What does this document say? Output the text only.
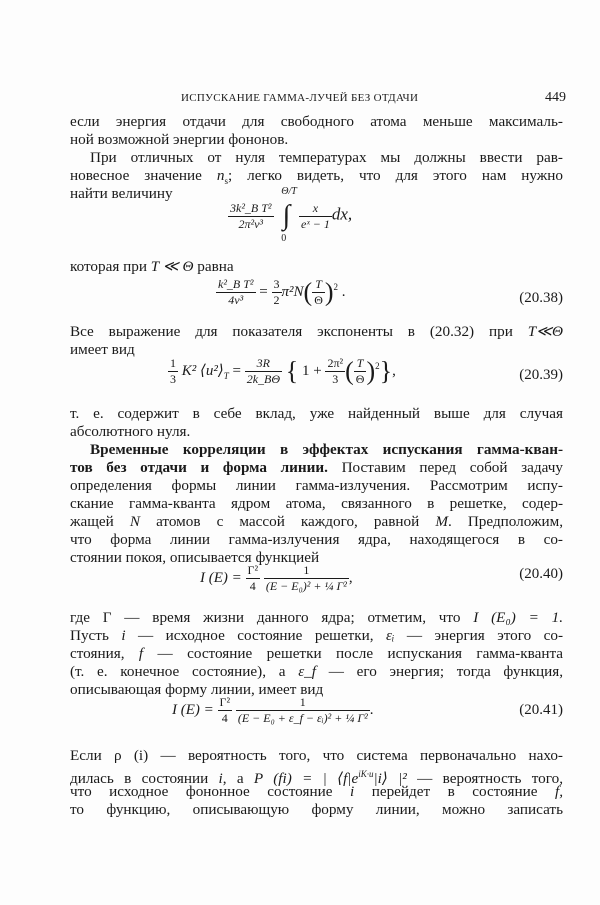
ИСПУСКАНИЕ ГАММА-ЛУЧЕЙ БЕЗ ОТДАЧИ	449
если энергия отдачи для свободного атома меньше максималь-
ной возможной энергии фононов.
При отличных от нуля температурах мы должны ввести рав-
новесное значение $n_s$; легко видеть, что для этого нам нужно
найти величину
$\frac{\text{3k²\_B T²}}{\text{2π²v³}}$ ∫
Θ/T
0

$\frac{x}{\text{eˣ − 1}}$ dx,
которая при T ≪ Θ равна
$\frac{\text{k²\_B T²}}{\text{4v³}} = \frac{3}{2} \pi^2N( \frac{T}{\Theta} )^2$ .	(20.38)
Все выражение для показателя экспоненты в (20.32) при T≪Θ
имеет вид
$\frac{1}{3} K^2$ $⟨u^2⟩_T = \frac{3R}{2k\_B\Theta}$ { $1 + \frac{\text{2π²}}{3}$ ( $\frac{T}{\Theta} )^2$},	(20.39)
т. е. содержит в себе вклад, уже найденный выше для случая
абсолютного нуля.
Временные корреляции в эффектах испускания гамма-кван-
тов без отдачи и форма линии. Поставим перед собой задачу
определения формы линии гамма-излучения. Рассмотрим испу-
скание гамма-кванта ядром атома, связанного в решетке, содер-
жащей N атомов с массой каждого, равной M. Предположим,
что форма линии гамма-излучения ядра, находящегося в со-
стоянии покоя, описывается функцией
I $(E) = \frac{\text{Γ²}}{4}$
$\frac{1}{\text{(E − E₀)² + ¼ Γ²}}$ ,	(20.40)
где Γ — время жизни данного ядра; отметим, что I (E₀) = 1.
Пусть i — исходное состояние решетки, εᵢ — энергия этого со-
стояния, f — состояние решетки после испускания гамма-кванта
(т. е. конечное состояние), а ε_f — его энергия; тогда функция,
описывающая форму линии, имеет вид
I $(E) = \frac{\text{Γ²}}{4}$
$\frac{1}{\text{(E − E₀ + ε\_f − εᵢ)² + ¼ Γ²}}$ .	(20.41)
Если ρ (i) — вероятность того, что система первоначально нахо-
дилась в состоянии i, а P (fi) = | $⟨f|e^{iK\cdot u}|i⟩$ |² — вероятность того,
что исходное фононное состояние i перейдет в состояние f,
то функцию, описывающую форму линии, можно записать
